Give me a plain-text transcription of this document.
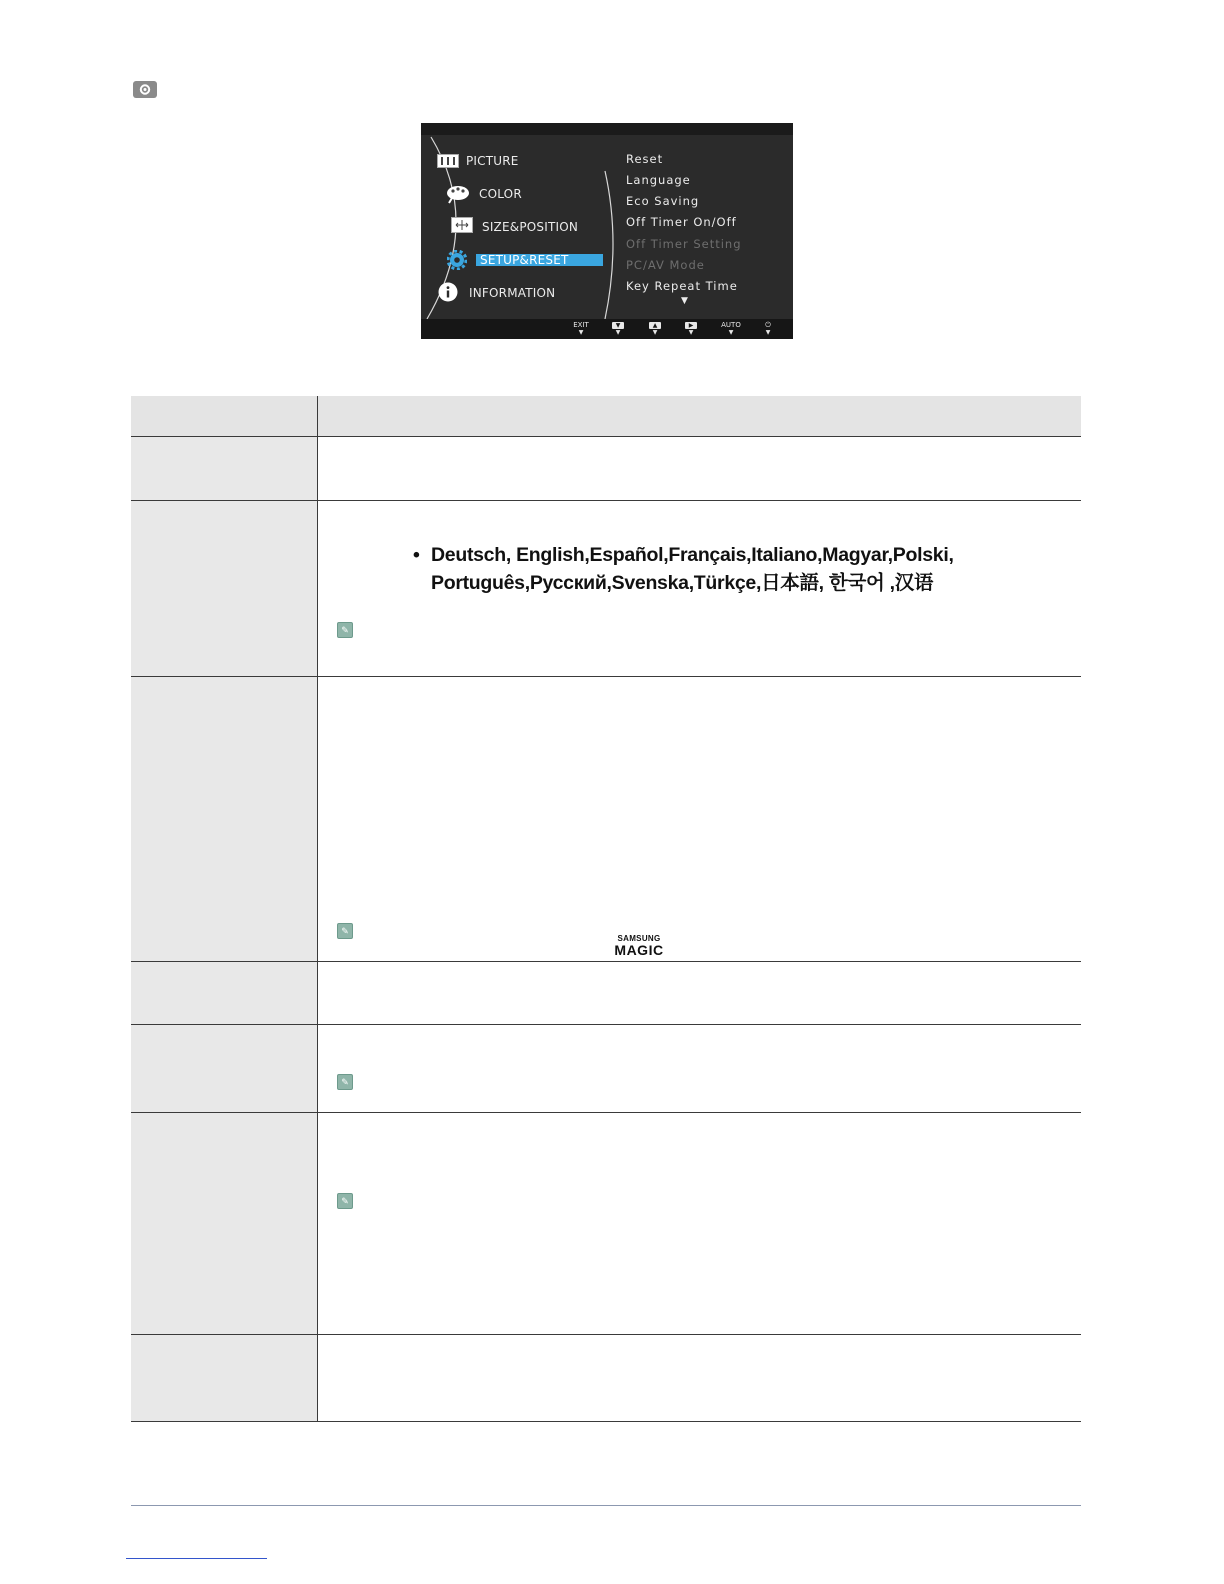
PICTURE
COLOR
SIZE&POSITION
SETUP&RESET
INFORMATION
Reset
Language
Eco Saving
Off Timer On/Off
Off Timer Setting
PC/AV Mode
Key Repeat Time
▼
EXIT
▼
▼
▼
▲
▼
▶
▼
AUTO
▼
⏻
▼

	• Deutsch, English,Español,Français,Italiano,Magyar,Polski,
Português,Русский,Svenska,Türkçe,日本語, 한국어 ,汉语
✎

	✎
SAMSUNG
MAGIC

	✎

	✎
